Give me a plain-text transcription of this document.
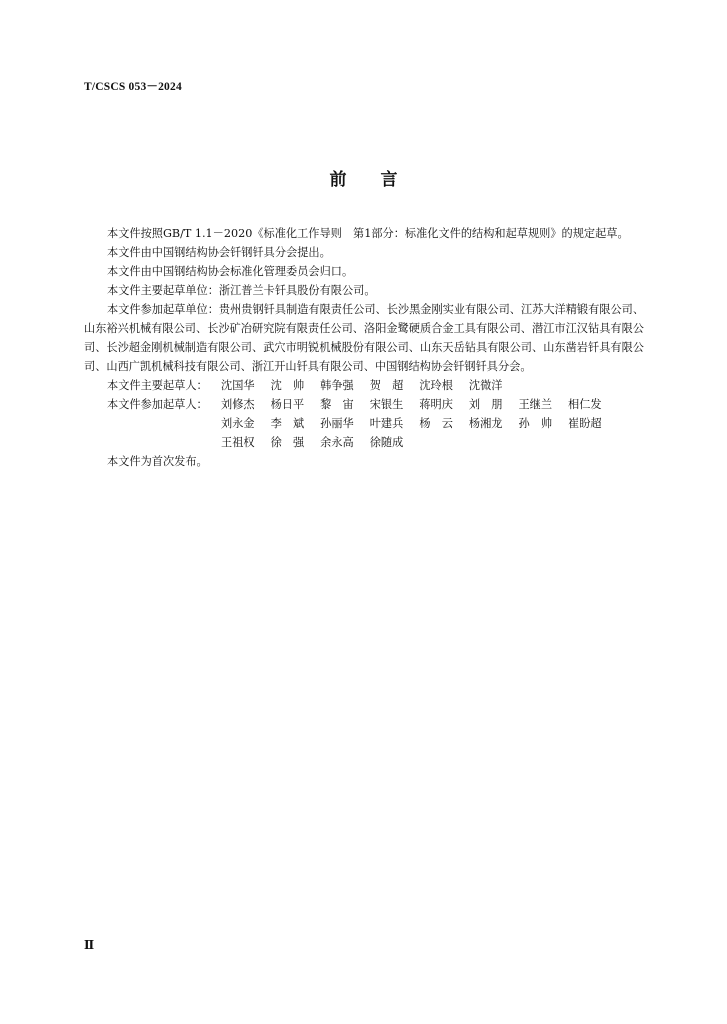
T/CSCS 053－2024
前 言

本文件按照GB/T 1.1－2020《标准化工作导则　第1部分：标准化文件的结构和起草规则》的规定起草。

本文件由中国钢结构协会钎钢钎具分会提出。

本文件由中国钢结构协会标准化管理委员会归口。

本文件主要起草单位：浙江普兰卡钎具股份有限公司。

本文件参加起草单位：贵州贵钢钎具制造有限责任公司、长沙黑金刚实业有限公司、江苏大洋精锻有限公司、山东裕兴机械有限公司、长沙矿冶研究院有限责任公司、洛阳金鹭硬质合金工具有限公司、潜江市江汉钻具有限公司、长沙超金刚机械制造有限公司、武穴市明锐机械股份有限公司、山东天岳钻具有限公司、山东凿岩钎具有限公司、山西广凯机械科技有限公司、浙江开山钎具有限公司、中国钢结构协会钎钢钎具分会。

本文件主要起草人：	沈国华 沈　帅 韩争强 贺　超 沈玲根 沈微洋
本文件参加起草人：	刘修杰 杨日平 黎　宙 宋银生 蒋明庆 刘　朋 王继兰 相仁发
刘永金 李　斌 孙丽华 叶建兵 杨　云 杨湘龙 孙　帅 崔盼超
王祖权 徐　强 余永高 徐随成

本文件为首次发布。

Ⅱ
